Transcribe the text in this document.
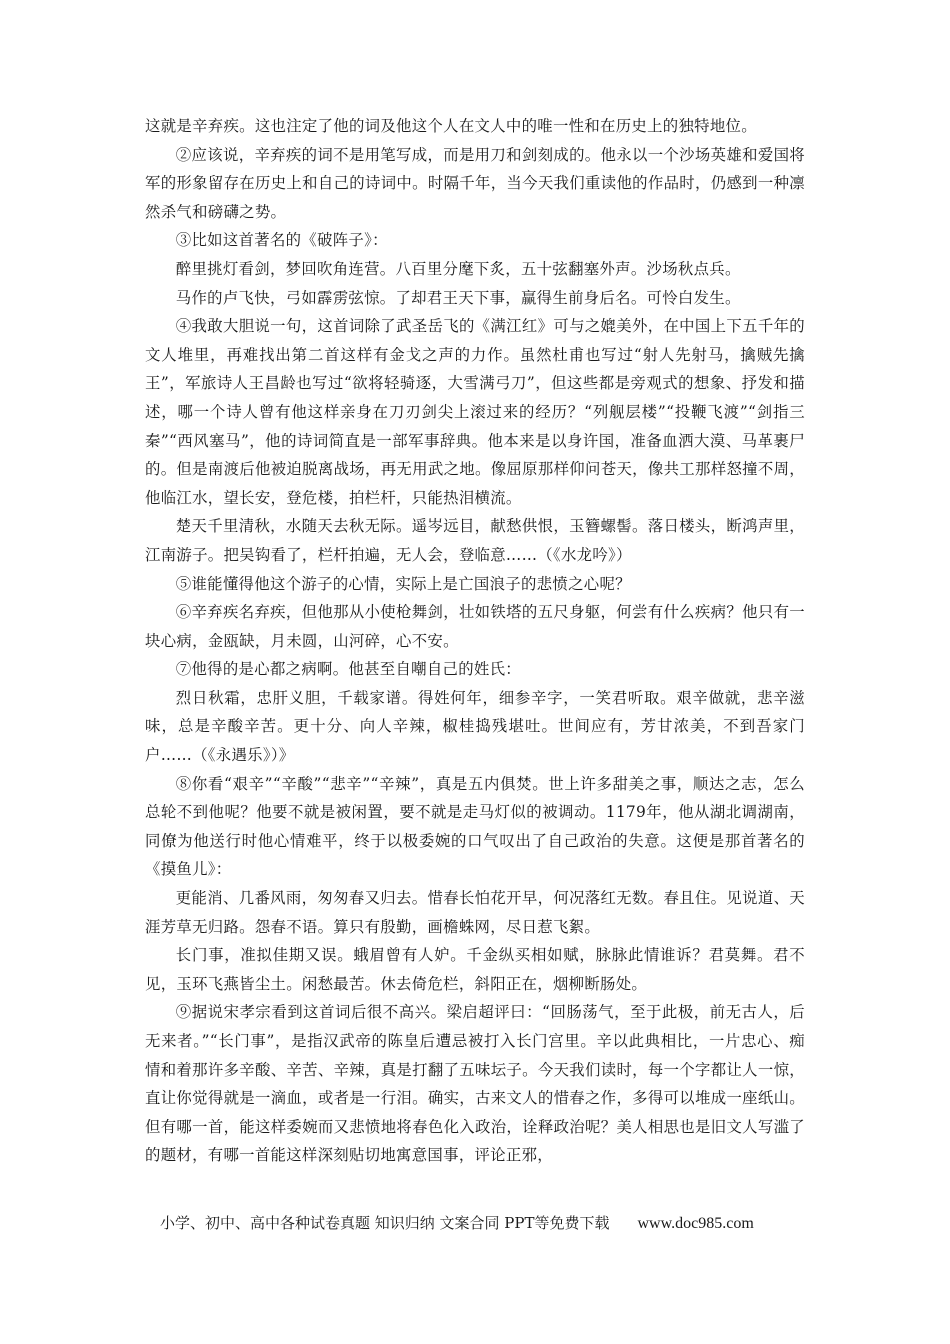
这就是辛弃疾。这也注定了他的词及他这个人在文人中的唯一性和在历史上的独特地位。

②应该说，辛弃疾的词不是用笔写成，而是用刀和剑刻成的。他永以一个沙场英雄和爱国将军的形象留存在历史上和自己的诗词中。时隔千年，当今天我们重读他的作品时，仍感到一种凛然杀气和磅礴之势。

③比如这首著名的《破阵子》：

醉里挑灯看剑，梦回吹角连营。八百里分麾下炙，五十弦翻塞外声。沙场秋点兵。

马作的卢飞快，弓如霹雳弦惊。了却君王天下事，赢得生前身后名。可怜白发生。

④我敢大胆说一句，这首词除了武圣岳飞的《满江红》可与之媲美外，在中国上下五千年的文人堆里，再难找出第二首这样有金戈之声的力作。虽然杜甫也写过“射人先射马，擒贼先擒王”，军旅诗人王昌龄也写过“欲将轻骑逐，大雪满弓刀”，但这些都是旁观式的想象、抒发和描述，哪一个诗人曾有他这样亲身在刀刃剑尖上滚过来的经历？“列舰层楼”“投鞭飞渡”“剑指三秦”“西风塞马”，他的诗词简直是一部军事辞典。他本来是以身许国，准备血洒大漠、马革裹尸的。但是南渡后他被迫脱离战场，再无用武之地。像屈原那样仰问苍天，像共工那样怒撞不周，他临江水，望长安，登危楼，拍栏杆，只能热泪横流。

楚天千里清秋，水随天去秋无际。遥岑远目，献愁供恨，玉簪螺髻。落日楼头，断鸿声里，江南游子。把吴钩看了，栏杆拍遍，无人会，登临意……（《水龙吟》）

⑤谁能懂得他这个游子的心情，实际上是亡国浪子的悲愤之心呢？

⑥辛弃疾名弃疾，但他那从小使枪舞剑，壮如铁塔的五尺身躯，何尝有什么疾病？他只有一块心病，金瓯缺，月未圆，山河碎，心不安。

⑦他得的是心都之病啊。他甚至自嘲自己的姓氏：

烈日秋霜，忠肝义胆，千载家谱。得姓何年，细参辛字，一笑君听取。艰辛做就，悲辛滋味，总是辛酸辛苦。更十分、向人辛辣，椒桂捣残堪吐。世间应有，芳甘浓美，不到吾家门户……（《永遇乐》）》

⑧你看“艰辛”“辛酸”“悲辛”“辛辣”，真是五内俱焚。世上许多甜美之事，顺达之志，怎么总轮不到他呢？他要不就是被闲置，要不就是走马灯似的被调动。1179年，他从湖北调湖南，同僚为他送行时他心情难平，终于以极委婉的口气叹出了自己政治的失意。这便是那首著名的《摸鱼儿》：

更能消、几番风雨，匆匆春又归去。惜春长怕花开早，何况落红无数。春且住。见说道、天涯芳草无归路。怨春不语。算只有殷勤，画檐蛛网，尽日惹飞絮。

长门事，准拟佳期又误。蛾眉曾有人妒。千金纵买相如赋，脉脉此情谁诉？君莫舞。君不见，玉环飞燕皆尘土。闲愁最苦。休去倚危栏，斜阳正在，烟柳断肠处。

⑨据说宋孝宗看到这首词后很不高兴。梁启超评曰：“回肠荡气，至于此极，前无古人，后无来者。”“长门事”，是指汉武帝的陈皇后遭忌被打入长门宫里。辛以此典相比，一片忠心、痴情和着那许多辛酸、辛苦、辛辣，真是打翻了五味坛子。今天我们读时，每一个字都让人一惊，直让你觉得就是一滴血，或者是一行泪。确实，古来文人的惜春之作，多得可以堆成一座纸山。但有哪一首，能这样委婉而又悲愤地将春色化入政治，诠释政治呢？美人相思也是旧文人写滥了的题材，有哪一首能这样深刻贴切地寓意国事，评论正邪，

小学、初中、高中各种试卷真题 知识归纳 文案合同 PPT等免费下载 www.doc985.com
